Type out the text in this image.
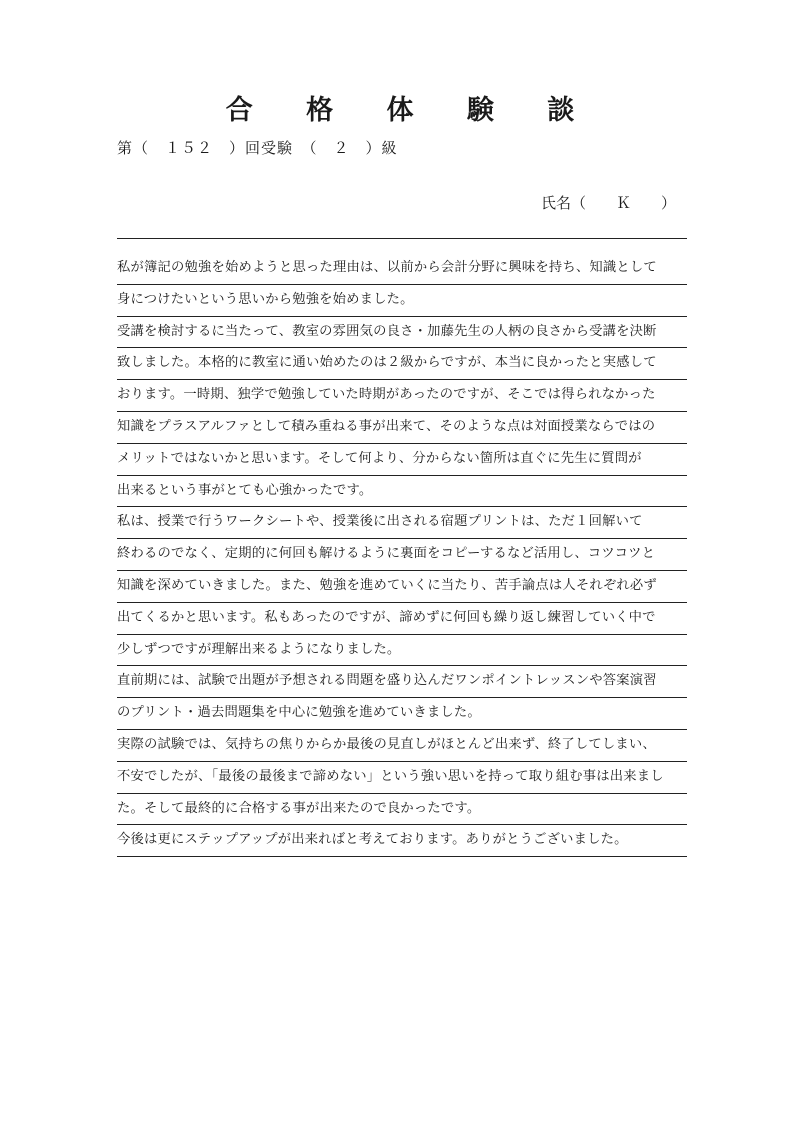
合 格 体 験 談
第（　１５２　）回受験　（　２　）級
氏名（　　Ｋ　　）
私が簿記の勉強を始めようと思った理由は、以前から会計分野に興味を持ち、知識として
身につけたいという思いから勉強を始めました。
受講を検討するに当たって、教室の雰囲気の良さ・加藤先生の人柄の良さから受講を決断
致しました。本格的に教室に通い始めたのは２級からですが、本当に良かったと実感して
おります。一時期、独学で勉強していた時期があったのですが、そこでは得られなかった
知識をプラスアルファとして積み重ねる事が出来て、そのような点は対面授業ならではの
メリットではないかと思います。そして何より、分からない箇所は直ぐに先生に質問が
出来るという事がとても心強かったです。
私は、授業で行うワークシートや、授業後に出される宿題プリントは、ただ１回解いて
終わるのでなく、定期的に何回も解けるように裏面をコピーするなど活用し、コツコツと
知識を深めていきました。また、勉強を進めていくに当たり、苦手論点は人それぞれ必ず
出てくるかと思います。私もあったのですが、諦めずに何回も繰り返し練習していく中で
少しずつですが理解出来るようになりました。
直前期には、試験で出題が予想される問題を盛り込んだワンポイントレッスンや答案演習
のプリント・過去問題集を中心に勉強を進めていきました。
実際の試験では、気持ちの焦りからか最後の見直しがほとんど出来ず、終了してしまい、
不安でしたが、「最後の最後まで諦めない」という強い思いを持って取り組む事は出来まし
た。そして最終的に合格する事が出来たので良かったです。
今後は更にステップアップが出来ればと考えております。ありがとうございました。
